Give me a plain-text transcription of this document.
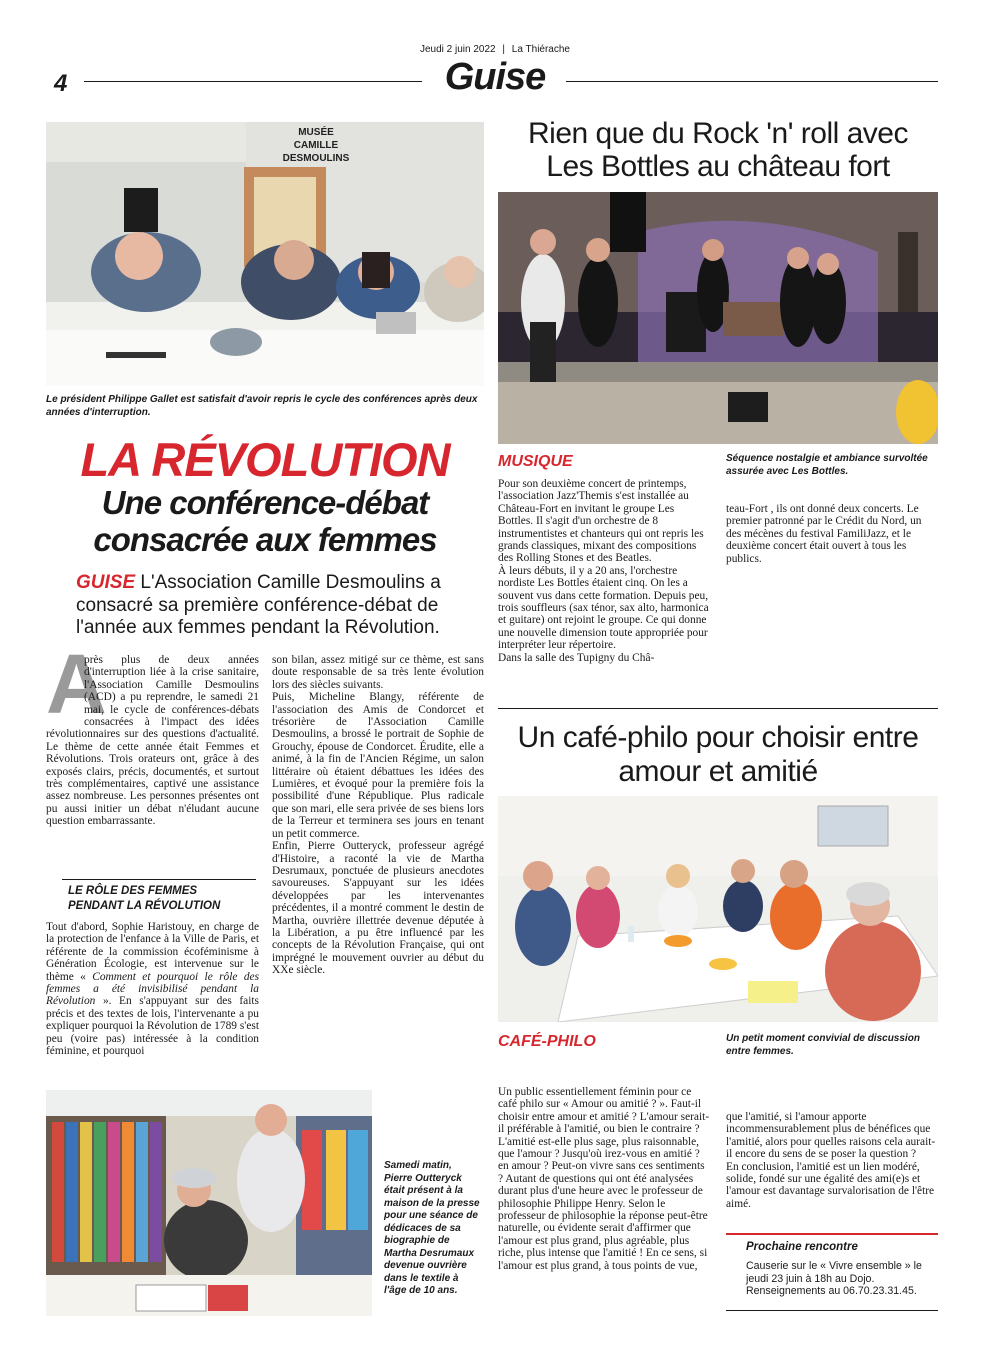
Jeudi 2 juin 2022 | La Thiérache
4	Guise
MUSÉE CAMILLE DESMOULINS
Le président Philippe Gallet est satisfait d'avoir repris le cycle des conférences après deux années d'interruption.
LA RÉVOLUTION
Une conférence-débat
consacrée aux femmes
GUISE L'Association Camille Desmoulins a consacré sa première conférence-débat de l'année aux femmes pendant la Révolution.
A

près plus de deux années d'interruption liée à la crise sanitaire, l'Association Camille Desmoulins (ACD) a pu reprendre, le samedi 21 mai, le cycle de conférences-débats consacrées à l'impact des idées révolutionnaires sur des questions d'actualité. Le thème de cette année était Femmes et Révolutions. Trois orateurs ont, grâce à des exposés clairs, précis, documentés, et surtout très complémentaires, captivé une assistance assez nombreuse. Les personnes présentes ont pu aussi initier un débat n'éludant aucune question embarrassante.

LE RÔLE DES FEMMES
PENDANT LA RÉVOLUTION
Tout d'abord, Sophie Haristouy, en charge de la protection de l'enfance à la Ville de Paris, et référente de la commission écoféminisme à Génération Écologie, est intervenue sur le thème « Comment et pourquoi le rôle des femmes a été invisibilisé pendant la Révolution ». En s'appuyant sur des faits précis et des textes de lois, l'intervenante a pu expliquer pourquoi la Révolution de 1789 s'est peu (voire pas) intéressée à la condition féminine, et pourquoi

son bilan, assez mitigé sur ce thème, est sans doute responsable de sa très lente évolution lors des siècles suivants.

Puis, Micheline Blangy, référente de l'association des Amis de Condorcet et trésorière de l'Association Camille Desmoulins, a brossé le portrait de Sophie de Grouchy, épouse de Condorcet. Érudite, elle a animé, à la fin de l'Ancien Régime, un salon littéraire où étaient débattues les idées des Lumières, et évoqué pour la première fois la possibilité d'une République. Plus radicale que son mari, elle sera privée de ses biens lors de la Terreur et terminera ses jours en tenant un petit commerce.

Enfin, Pierre Outteryck, professeur agrégé d'Histoire, a raconté la vie de Martha Desrumaux, ponctuée de plusieurs anecdotes savoureuses. S'appuyant sur les idées développées par les intervenantes précédentes, il a montré comment le destin de Martha, ouvrière illettrée devenue députée à la Libération, a pu être influencé par les concepts de la Révolution Française, qui ont imprégné le mouvement ouvrier au début du XXe siècle.

Samedi matin, Pierre Outteryck était présent à la maison de la presse pour une séance de dédicaces de sa biographie de Martha Desrumaux devenue ouvrière dans le textile à l'âge de 10 ans.
Rien que du Rock 'n' roll avec
Les Bottles au château fort
MUSIQUE	Séquence nostalgie et ambiance survoltée assurée avec Les Bottles.

Pour son deuxième concert de printemps, l'association Jazz'Themis s'est installée au Château-Fort en invitant le groupe Les Bottles. Il s'agit d'un orchestre de 8 instrumentistes et chanteurs qui ont repris les grands classiques, mixant des compositions des Rolling Stones et des Beatles.

À leurs débuts, il y a 20 ans, l'orchestre nordiste Les Bottles étaient cinq. On les a souvent vus dans cette formation. Depuis peu, trois souffleurs (sax ténor, sax alto, harmonica et guitare) ont rejoint le groupe. Ce qui donne une nouvelle dimension toute appropriée pour interpréter leur répertoire.

Dans la salle des Tupigny du Châ-

teau-Fort , ils ont donné deux concerts. Le premier patronné par le Crédit du Nord, un des mécènes du festival FamiliJazz, et le deuxième concert était ouvert à tous les publics.
Un café-philo pour choisir entre
amour et amitié
CAFÉ-PHILO	Un petit moment convivial de discussion entre femmes.
Un public essentiellement féminin pour ce café philo sur « Amour ou amitié ? ». Faut-il choisir entre amour et amitié ? L'amour serait-il préférable à l'amitié, ou bien le contraire ? L'amitié est-elle plus sage, plus raisonnable, que l'amour ? Jusqu'où irez-vous en amitié ? en amour ? Peut-on vivre sans ces sentiments ? Autant de questions qui ont été analysées durant plus d'une heure avec le professeur de philosophie Philippe Henry. Selon le professeur de philosophie la réponse peut-être naturelle, ou évidente serait d'affirmer que l'amour est plus grand, plus agréable, plus riche, plus intense que l'amitié ! En ce sens, si l'amour est plus grand, à tous points de vue,

que l'amitié, si l'amour apporte incommensurablement plus de bénéfices que l'amitié, alors pour quelles raisons cela aurait-il encore du sens de se poser la question ?

En conclusion, l'amitié est un lien modéré, solide, fondé sur une égalité des ami(e)s et l'amour est davantage survalorisation de l'être aimé.

Prochaine rencontre
Causerie sur le « Vivre ensemble » le jeudi 23 juin à 18h au Dojo. Renseignements au 06.70.23.31.45.
